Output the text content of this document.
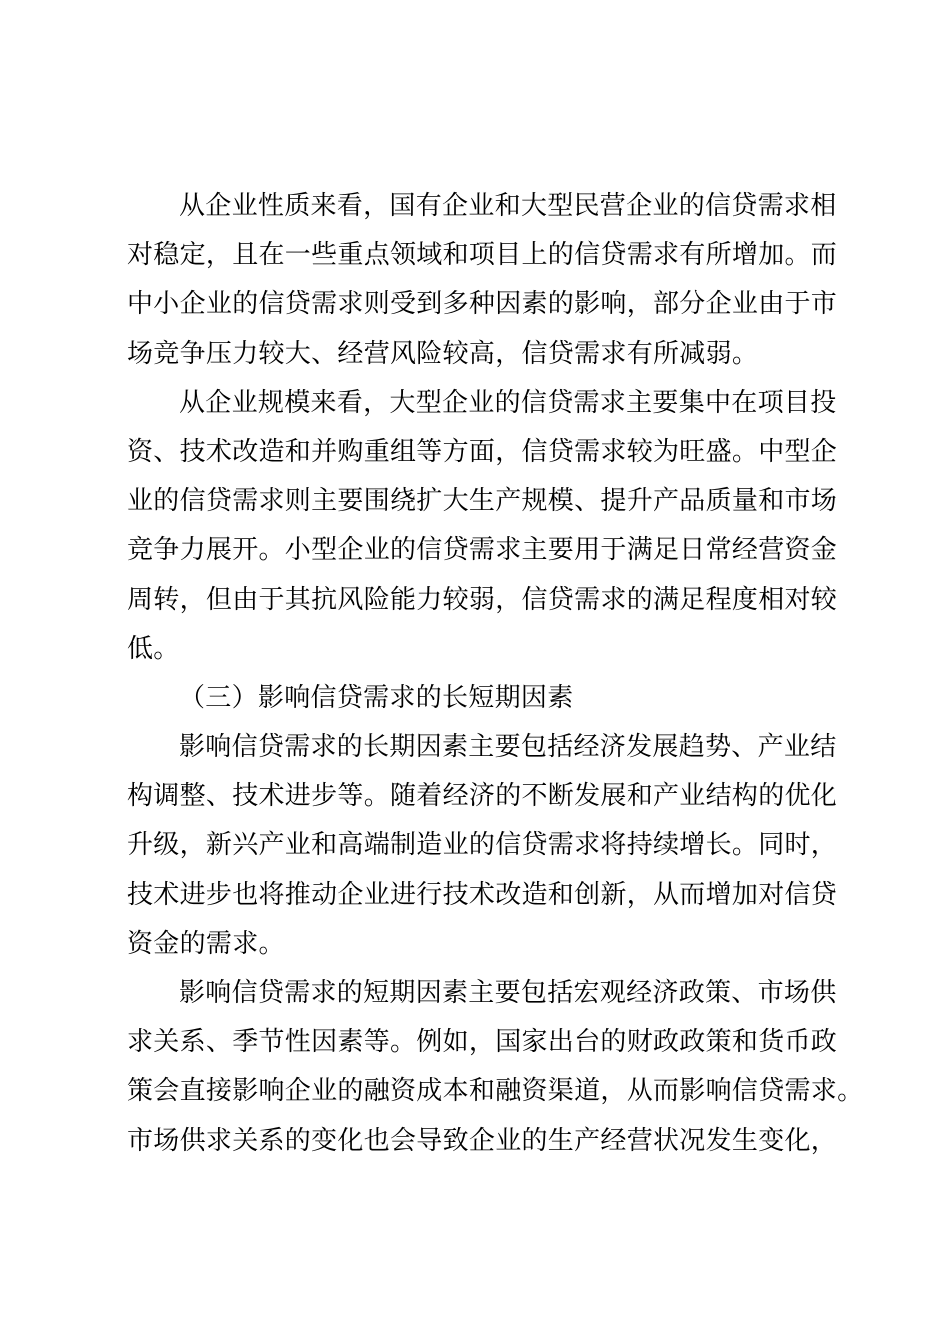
从企业性质来看，国有企业和大型民营企业的信贷需求相
对稳定，且在一些重点领域和项目上的信贷需求有所增加。而
中小企业的信贷需求则受到多种因素的影响，部分企业由于市
场竞争压力较大、经营风险较高，信贷需求有所减弱。

从企业规模来看，大型企业的信贷需求主要集中在项目投
资、技术改造和并购重组等方面，信贷需求较为旺盛。中型企
业的信贷需求则主要围绕扩大生产规模、提升产品质量和市场
竞争力展开。小型企业的信贷需求主要用于满足日常经营资金
周转，但由于其抗风险能力较弱，信贷需求的满足程度相对较
低。

（三）影响信贷需求的长短期因素

影响信贷需求的长期因素主要包括经济发展趋势、产业结
构调整、技术进步等。随着经济的不断发展和产业结构的优化
升级，新兴产业和高端制造业的信贷需求将持续增长。同时，
技术进步也将推动企业进行技术改造和创新，从而增加对信贷
资金的需求。

影响信贷需求的短期因素主要包括宏观经济政策、市场供
求关系、季节性因素等。例如，国家出台的财政政策和货币政
策会直接影响企业的融资成本和融资渠道，从而影响信贷需求。
市场供求关系的变化也会导致企业的生产经营状况发生变化，
